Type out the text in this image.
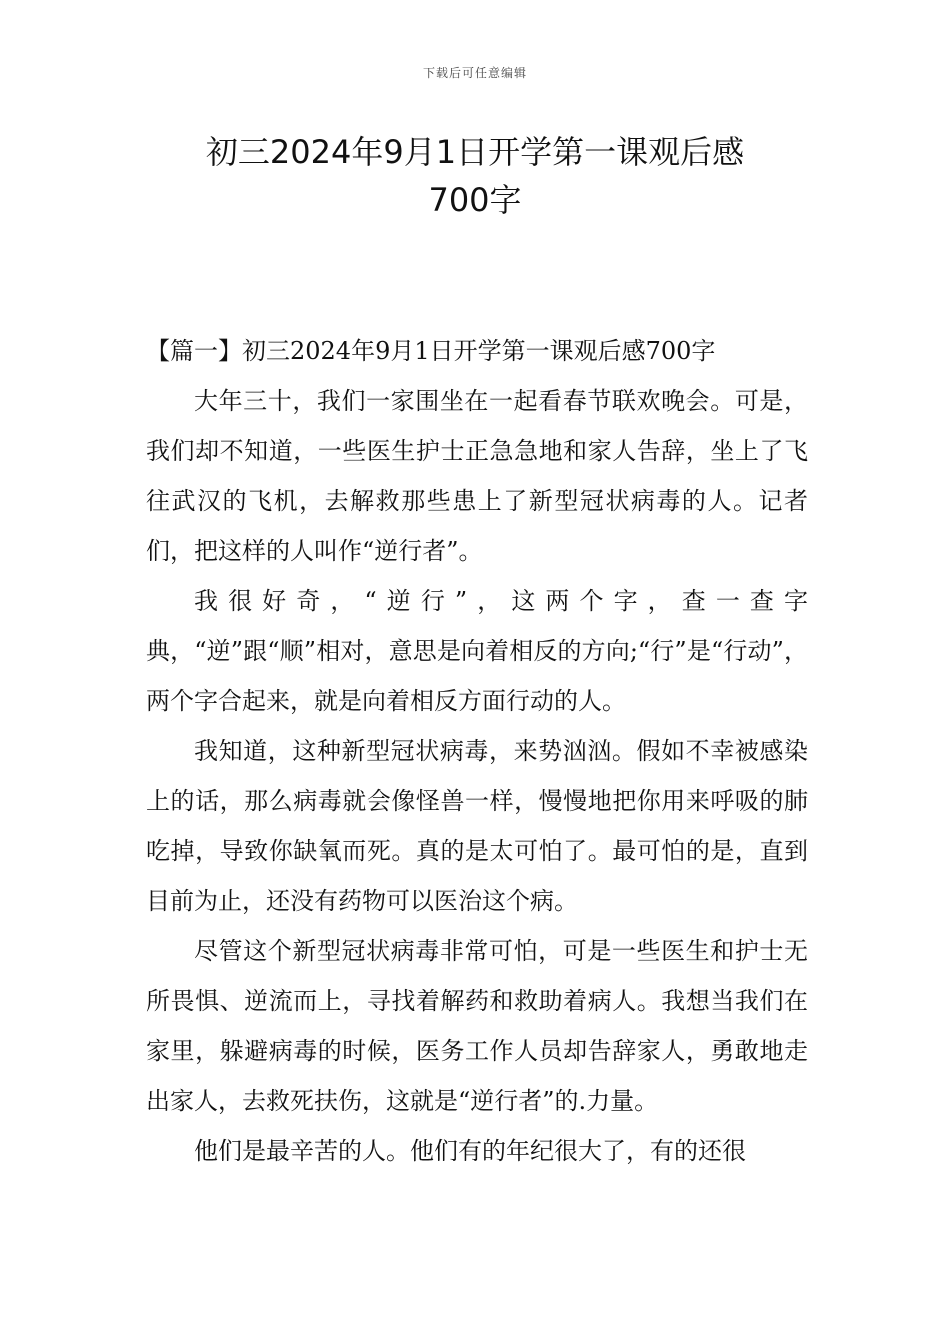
下载后可任意编辑
初三2024年9月1日开学第一课观后感
700字

【篇一】初三2024年9月1日开学第一课观后感700字

大年三十，我们一家围坐在一起看春节联欢晚会。可是，我们却不知道，一些医生护士正急急地和家人告辞，坐上了飞往武汉的飞机，去解救那些患上了新型冠状病毒的人。记者们，把这样的人叫作“逆行者”。

我很好奇，“逆行”，这两个字，查一查字典，“逆”跟“顺”相对，意思是向着相反的方向;“行”是“行动”，两个字合起来，就是向着相反方面行动的人。

我知道，这种新型冠状病毒，来势汹汹。假如不幸被感染上的话，那么病毒就会像怪兽一样，慢慢地把你用来呼吸的肺吃掉，导致你缺氧而死。真的是太可怕了。最可怕的是，直到目前为止，还没有药物可以医治这个病。

尽管这个新型冠状病毒非常可怕，可是一些医生和护士无所畏惧、逆流而上，寻找着解药和救助着病人。我想当我们在家里，躲避病毒的时候，医务工作人员却告辞家人，勇敢地走出家人，去救死扶伤，这就是“逆行者”的.力量。

他们是最辛苦的人。他们有的年纪很大了，有的还很
